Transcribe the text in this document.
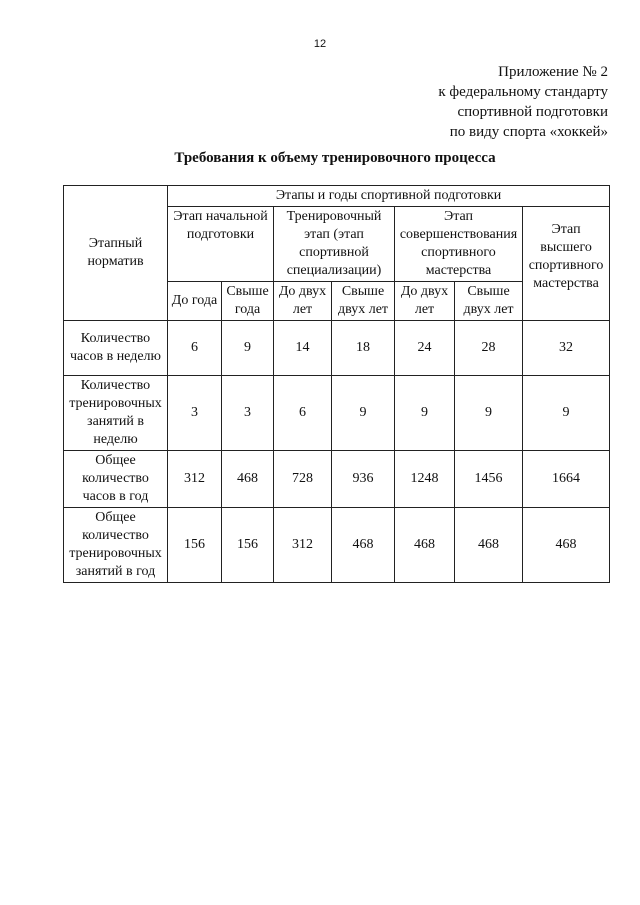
12
Приложение № 2
к федеральному стандарту
спортивной подготовки
по виду спорта «хоккей»
Требования к объему тренировочного процесса
Этапный норматив	Этапы и годы спортивной подготовки						
	Этап начальной подготовки		Тренировочный этап (этап спортивной специализации)		Этап совершенствования спортивного мастерства		Этап высшего спортивного мастерства
	До года	Свыше года	До двух лет	Свыше двух лет	До двух лет	Свыше двух лет	
Количество часов в неделю	6	9	14	18	24	28	32
Количество тренировочных занятий в неделю	3	3	6	9	9	9	9
Общее количество часов в год	312	468	728	936	1248	1456	1664
Общее количество тренировочных занятий в год	156	156	312	468	468	468	468
